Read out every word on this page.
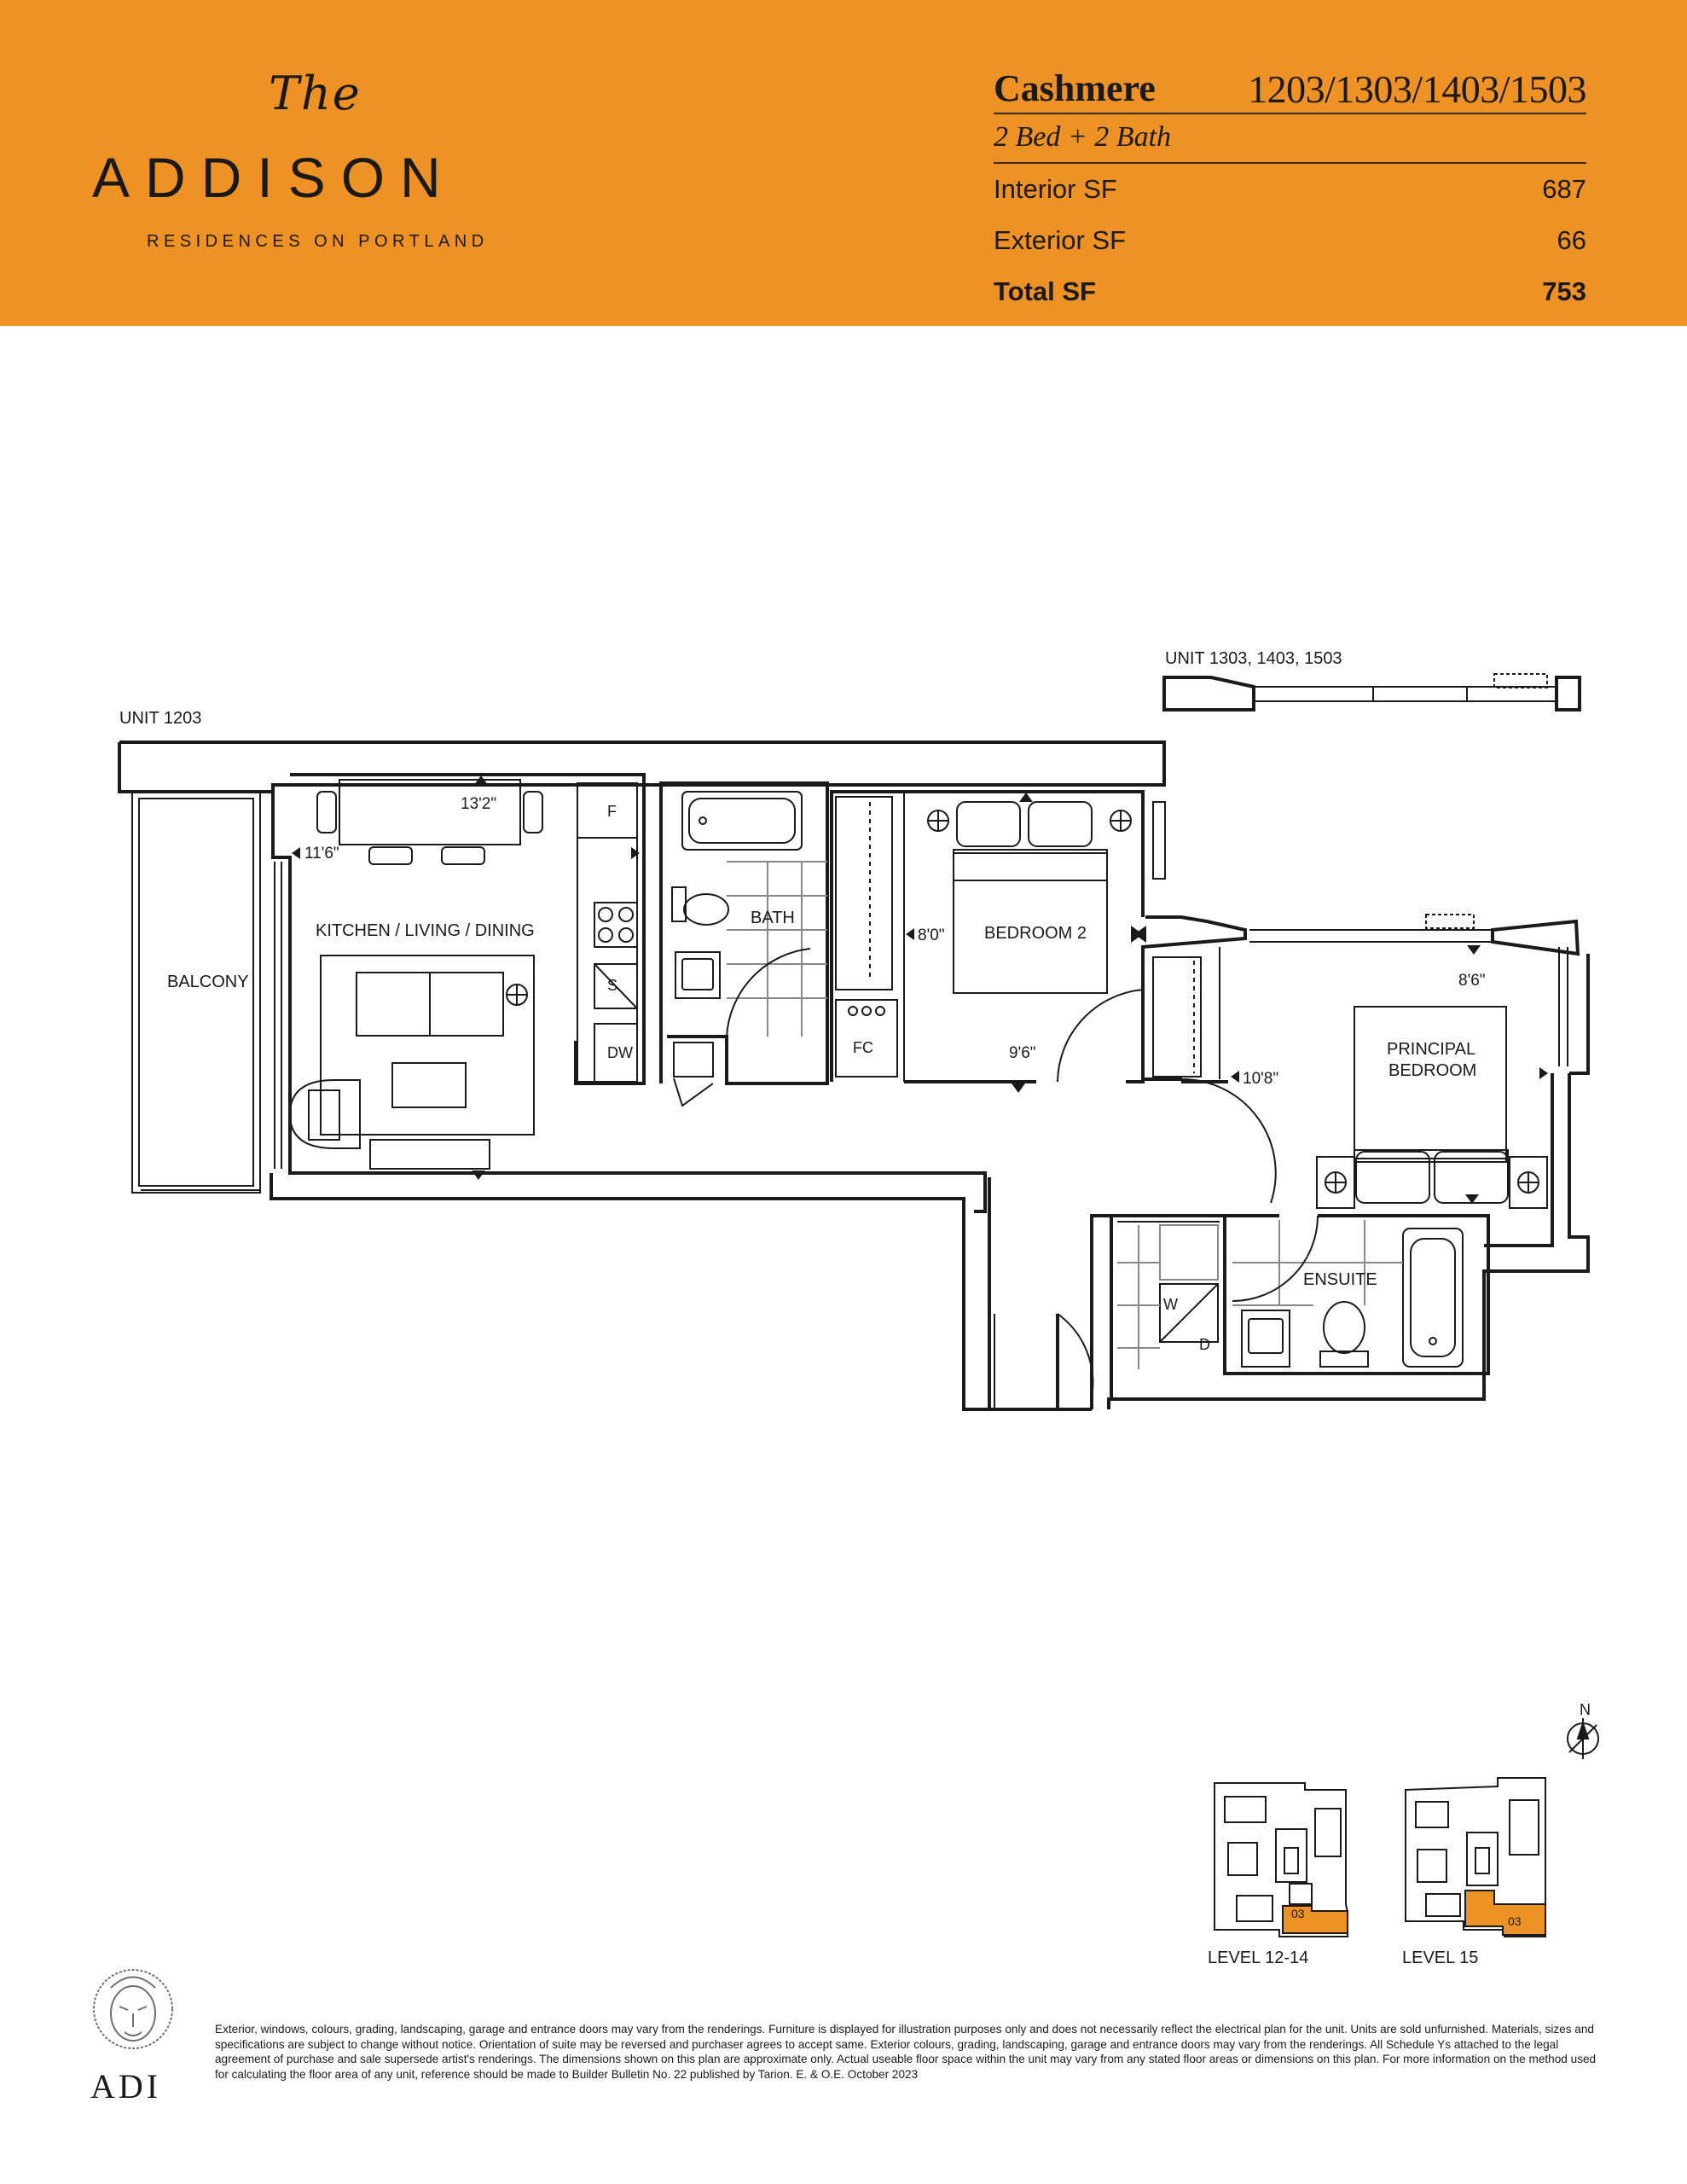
The
ADDISON
RESIDENCES ON PORTLAND
Cashmere 1203/1303/1403/1503
2 Bed + 2 Bath
Interior SF	687
Exterior SF	66
Total SF	753
UNIT 1203
UNIT 1303, 1403, 1503
BALCONY
KITCHEN / LIVING / DINING
BATH
BEDROOM 2
PRINCIPAL
BEDROOM
ENSUITE
13'2"
11'6"
8'0"
9'6"
8'6"
10'8"
F
S
DW	FC
W
D
N
03
03
LEVEL 12-14	LEVEL 15
ADI
Exterior, windows, colours, grading, landscaping, garage and entrance doors may vary from the renderings. Furniture is displayed for illustration purposes only and does not necessarily reflect the electrical plan for the unit. Units are sold unfurnished. Materials, sizes and specifications are subject to change without notice. Orientation of suite may be reversed and purchaser agrees to accept same. Exterior colours, grading, landscaping, garage and entrance doors may vary from the renderings. All Schedule Ys attached to the legal agreement of purchase and sale supersede artist's renderings. The dimensions shown on this plan are approximate only. Actual useable floor space within the unit may vary from any stated floor areas or dimensions on this plan. For more information on the method used for calculating the floor area of any unit, reference should be made to Builder Bulletin No. 22 published by Tarion. E. & O.E. October 2023
